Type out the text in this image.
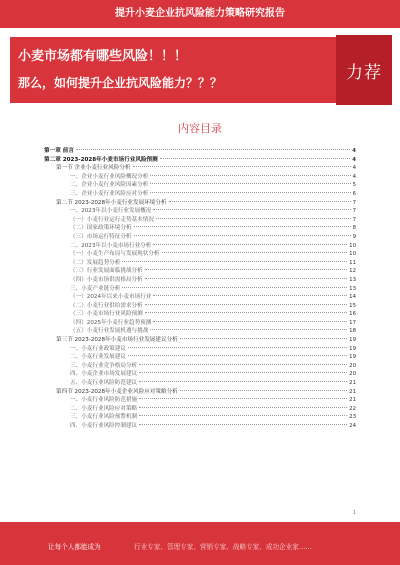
提升小麦企业抗风险能力策略研究报告
小麦市场都有哪些风险！！！
那么，如何提升企业抗风险能力？？？
力荐
内容目录
第一章 前言	4
第二章 2023-2028年小麦市场行业风险预测	4
第一节 企业小麦行业风险分析	4
一、企业小麦行业风险概况分析	4
二、企业小麦行业风险因素分析	5
三、企业小麦行业风险应对分析	6
第二节 2023-2028年小麦行业发展环境分析	7
一、2023年以小麦行业发展概况	7
（一）小麦行业运行走势基本情况	7
（二）国家政策环境分析	8
（三）市场运行特征分析	9
二、2023年以小麦市场行业分析	10
（一）小麦生产布局与发展现状分析	10
（二）发展趋势分析	11
（三）行业发展面临挑战分析	12
（四）小麦市场供需格局分析	13
三、小麦产业链分析	13
（一）2024年以来小麦市场行业	14
（二）小麦行业供给需求分析	15
（三）小麦市场行业风险预测	16
（四）2025年小麦行业趋势预测	17
（五）小麦行业发展机遇与挑战	18
第三节 2023-2028年小麦市场行业发展建议分析	19
一、小麦行业政策建议	19
二、小麦行业发展建议	19
三、小麦行业竞争格局分析	20
四、小麦企业市场发展建议	20
五、小麦行业风险防范建议	21
第四节 2023-2028年小麦企业风险应对策略分析	21
一、小麦行业风险防范措施	21
二、小麦行业风险应对策略	22
三、小麦行业风险预警机制	23
四、小麦行业风险控制建议	24
1
让每个人都能成为	行业专家、管理专家、营销专家、战略专家、成功企业家……
